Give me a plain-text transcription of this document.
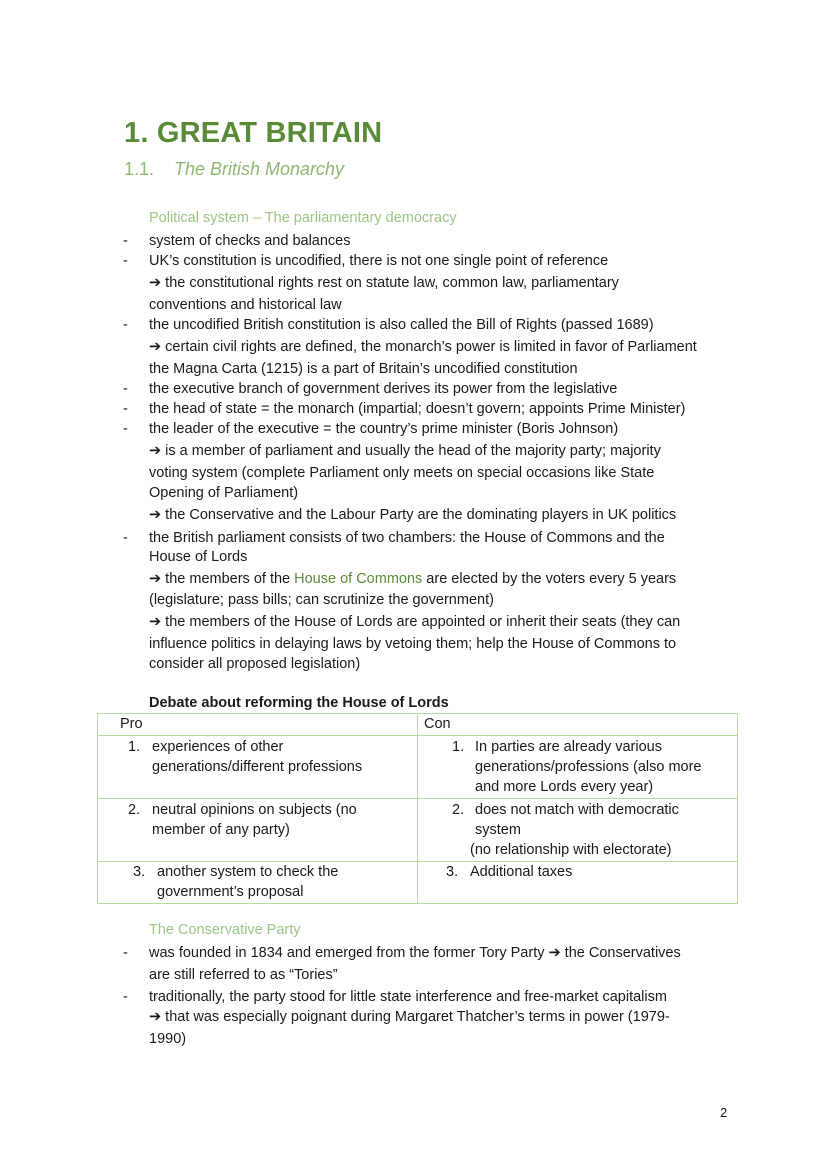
1. GREAT BRITAIN
1.1. The British Monarchy
Political system – The parliamentary democracy
-
-
-
-
-
-
-
system of checks and balances
UK’s constitution is uncodified, there is not one single point of reference
➔ the constitutional rights rest on statute law, common law, parliamentary
conventions and historical law
the uncodified British constitution is also called the Bill of Rights (passed 1689)
➔ certain civil rights are defined, the monarch’s power is limited in favor of Parliament
the Magna Carta (1215) is a part of Britain’s uncodified constitution
the executive branch of government derives its power from the legislative
the head of state = the monarch (impartial; doesn’t govern; appoints Prime Minister)
the leader of the executive = the country’s prime minister (Boris Johnson)
➔ is a member of parliament and usually the head of the majority party; majority
voting system (complete Parliament only meets on special occasions like State
Opening of Parliament)
➔ the Conservative and the Labour Party are the dominating players in UK politics
the British parliament consists of two chambers: the House of Commons and the
House of Lords
➔ the members of the House of Commons are elected by the voters every 5 years
(legislature; pass bills; can scrutinize the government)
➔ the members of the House of Lords are appointed or inherit their seats (they can
influence politics in delaying laws by vetoing them; help the House of Commons to
consider all proposed legislation)
Debate about reforming the House of Lords
Pro	Con

1. experiences of other
generations/different professions	1. In parties are already various
generations/professions (also more
and more Lords every year)

2. neutral opinions on subjects (no
member of any party)	2. does not match with democratic
system
(no relationship with electorate)

3. another system to check the
government’s proposal	3. Additional taxes
The Conservative Party
-
-
was founded in 1834 and emerged from the former Tory Party ➔ the Conservatives
are still referred to as “Tories”
traditionally, the party stood for little state interference and free-market capitalism
➔ that was especially poignant during Margaret Thatcher’s terms in power (1979-
1990)
2
